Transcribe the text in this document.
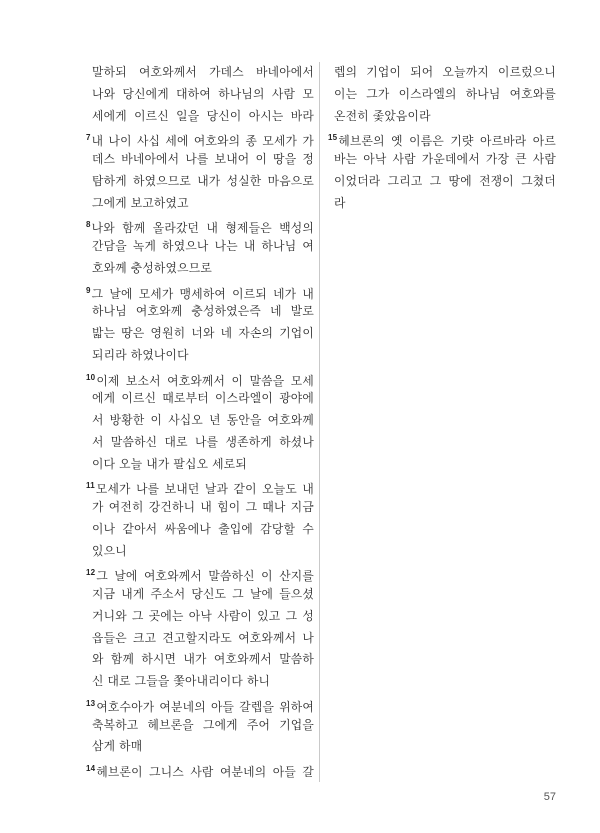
말하되 여호와께서 가데스 바네아에서
나와 당신에게 대하여 하나님의 사람 모
세에게 이르신 일을 당신이 아시는 바라
$^7$내 나이 사십 세에 여호와의 종 모세가 가
데스 바네아에서 나를 보내어 이 땅을 정
탐하게 하였으므로 내가 성실한 마음으로
그에게 보고하였고
$^8$나와 함께 올라갔던 내 형제들은 백성의
간담을 녹게 하였으나 나는 내 하나님 여
호와께 충성하였으므로
$^9$그 날에 모세가 맹세하여 이르되 네가 내
하나님 여호와께 충성하였은즉 네 발로
밟는 땅은 영원히 너와 네 자손의 기업이
되리라 하였나이다
$^{10}$이제 보소서 여호와께서 이 말씀을 모세
에게 이르신 때로부터 이스라엘이 광야에
서 방황한 이 사십오 년 동안을 여호와께
서 말씀하신 대로 나를 생존하게 하셨나
이다 오늘 내가 팔십오 세로되
$^{11}$모세가 나를 보내던 날과 같이 오늘도 내
가 여전히 강건하니 내 힘이 그 때나 지금
이나 같아서 싸움에나 출입에 감당할 수
있으니
$^{12}$그 날에 여호와께서 말씀하신 이 산지를
지금 내게 주소서 당신도 그 날에 들으셨
거니와 그 곳에는 아낙 사람이 있고 그 성
읍들은 크고 견고할지라도 여호와께서 나
와 함께 하시면 내가 여호와께서 말씀하
신 대로 그들을 쫓아내리이다 하니
$^{13}$여호수아가 여분네의 아들 갈렙을 위하여
축복하고 헤브론을 그에게 주어 기업을
삼게 하매
$^{14}$헤브론이 그니스 사람 여분네의 아들 갈
렙의 기업이 되어 오늘까지 이르렀으니
이는 그가 이스라엘의 하나님 여호와를
온전히 좇았음이라
$^{15}$헤브론의 옛 이름은 기럇 아르바라 아르
바는 아낙 사람 가운데에서 가장 큰 사람
이었더라 그리고 그 땅에 전쟁이 그쳤더
라
57
